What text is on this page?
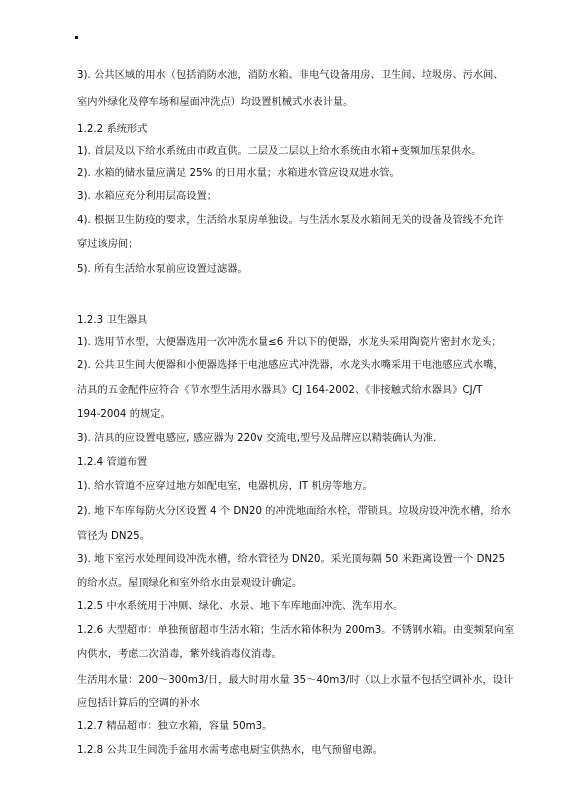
3). 公共区域的用水（包括消防水池，消防水箱、非电气设备用房、卫生间、垃圾房、污水间、
室内外绿化及停车场和屋面冲洗点）均设置机械式水表计量。
1.2.2 系统形式
1). 首层及以下给水系统由市政直供。二层及二层以上给水系统由水箱+变频加压泵供水。
2). 水箱的储水量应满足 25% 的日用水量；水箱进水管应设双进水管。
3). 水箱应充分利用层高设置；
4). 根据卫生防疫的要求，生活给水泵房单独设。与生活水泵及水箱间无关的设备及管线不允许
穿过该房间；
5). 所有生活给水泵前应设置过滤器。
1.2.3 卫生器具
1). 选用节水型，大便器选用一次冲洗水量≤6 升以下的便器，水龙头采用陶瓷片密封水龙头；
2). 公共卫生间大便器和小便器选择干电池感应式冲洗器，水龙头水嘴采用干电池感应式水嘴，
洁具的五金配件应符合《节水型生活用水器具》CJ 164-2002、《非接触式给水器具》CJ/T
194-2004 的规定。
3). 洁具的应设置电感应, 感应器为 220v 交流电,型号及品牌应以精装确认为准.
1.2.4 管道布置
1). 给水管道不应穿过地方如配电室，电器机房，IT 机房等地方。
2). 地下车库每防火分区设置 4 个 DN20 的冲洗地面给水栓，带锁具。垃圾房设冲洗水槽，给水
管径为 DN25。
3). 地下室污水处理间设冲洗水槽，给水管径为 DN20。采光顶每隔 50 米距离设置一个 DN25
的给水点。屋顶绿化和室外给水由景观设计确定。
1.2.5 中水系统用于冲厕、绿化、水景、地下车库地面冲洗、洗车用水。
1.2.6 大型超市：单独预留超市生活水箱；生活水箱体积为 200m3。不锈钢水箱。由变频泵向室
内供水，考虑二次消毒，紫外线消毒仪消毒。
生活用水量：200～300m3/日，最大时用水量 35～40m3/时（以上水量不包括空调补水，设计
应包括计算后的空调的补水
1.2.7 精品超市：独立水箱，容量 50m3。
1.2.8 公共卫生间洗手盆用水需考虑电厨宝供热水，电气预留电源。
